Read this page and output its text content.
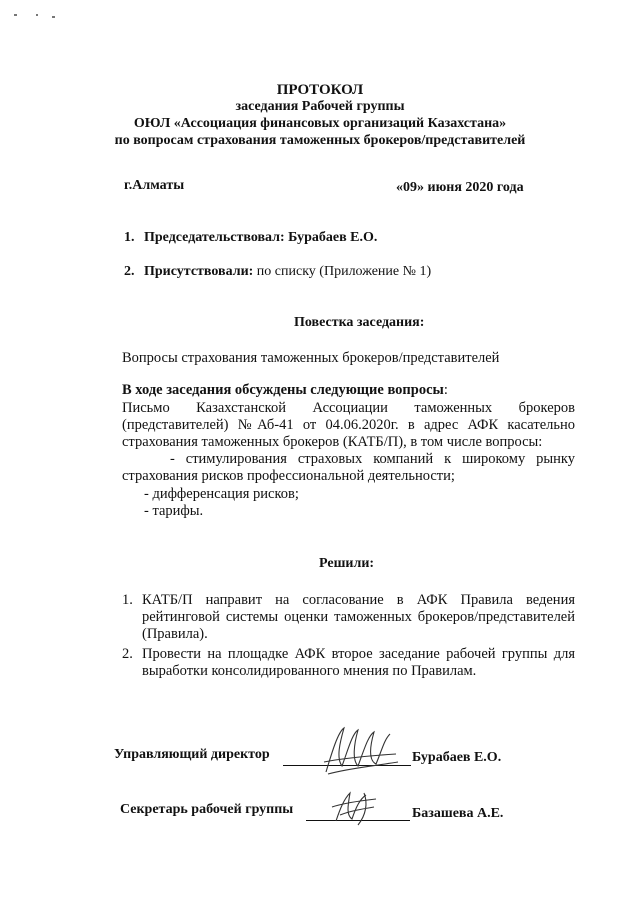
ПРОТОКОЛ
заседания Рабочей группы
ОЮЛ «Ассоциация финансовых организаций Казахстана»
по вопросам страхования таможенных брокеров/представителей
г.Алматы	«09» июня 2020 года
1. Председательствовал: Бурабаев Е.О.
2. Присутствовали: по списку (Приложение № 1)
Повестка заседания:
Вопросы страхования таможенных брокеров/представителей
В ходе заседания обсуждены следующие вопросы:
Письмо Казахстанской Ассоциации таможенных брокеров
(представителей) №Аб-41 от 04.06.2020г. в адрес АФК касательно
страхования таможенных брокеров (КАТБ/П), в том числе вопросы:
- стимулирования страховых компаний к широкому рынку
страхования рисков профессиональной деятельности;
- дифференсация рисков;
- тарифы.
Решили:
1. КАТБ/П направит на согласование в АФК Правила ведения
рейтинговой системы оценки таможенных брокеров/представителей
(Правила).
2. Провести на площадке АФК второе заседание рабочей группы для
выработки консолидированного мнения по Правилам.
Управляющий директор	Бурабаев Е.О.
Секретарь рабочей группы	Базашева А.Е.
